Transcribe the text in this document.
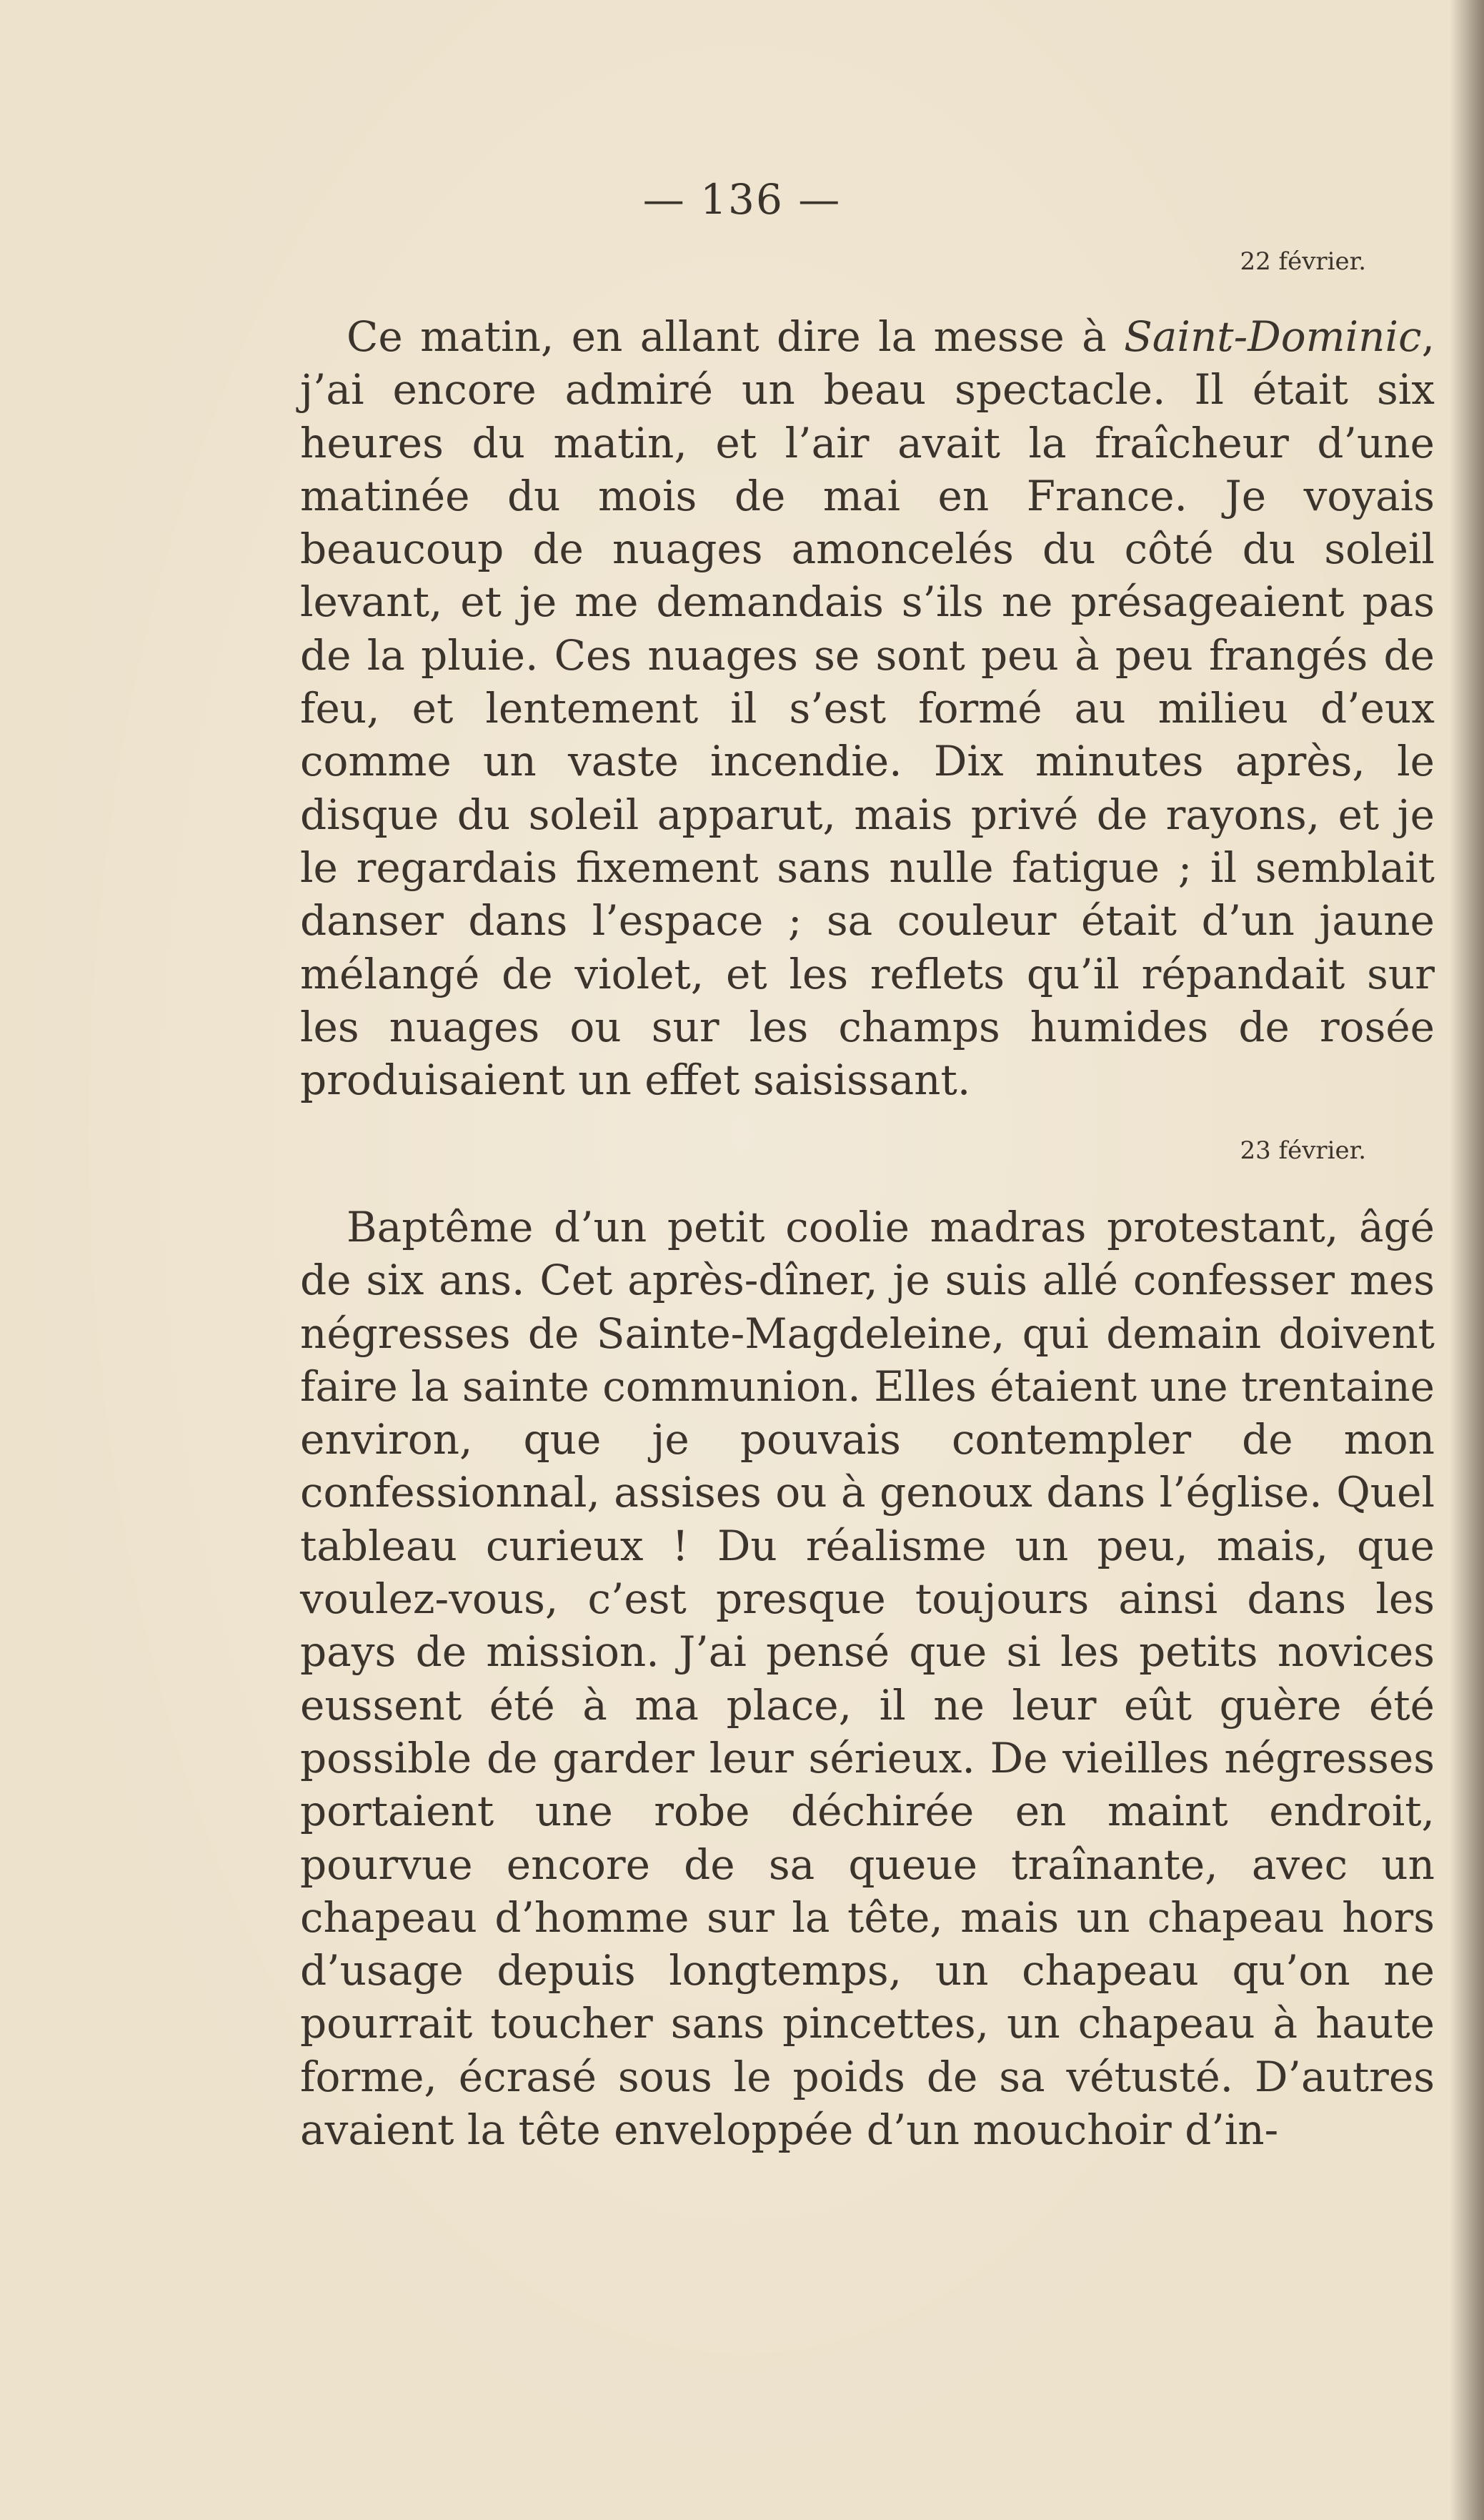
— 136 —
22 février.

Ce matin, en allant dire la messe à Saint-Dominic, j’ai encore admiré un beau spectacle. Il était six heures du matin, et l’air avait la fraîcheur d’une matinée du mois de mai en France. Je voyais beaucoup de nuages amoncelés du côté du soleil levant, et je me demandais s’ils ne présageaient pas de la pluie. Ces nuages se sont peu à peu frangés de feu, et lentement il s’est formé au milieu d’eux comme un vaste incendie. Dix minutes après, le disque du soleil apparut, mais privé de rayons, et je le regardais fixement sans nulle fatigue ; il semblait danser dans l’espace ; sa couleur était d’un jaune mélangé de violet, et les reflets qu’il répandait sur les nuages ou sur les champs humides de rosée produisaient un effet saisissant.

23 février.

Baptême d’un petit coolie madras protestant, âgé de six ans. Cet après-dîner, je suis allé confesser mes négresses de Sainte-Magdeleine, qui demain doivent faire la sainte communion. Elles étaient une trentaine environ, que je pouvais contempler de mon confessionnal, assises ou à genoux dans l’église. Quel tableau curieux ! Du réalisme un peu, mais, que voulez-vous, c’est presque toujours ainsi dans les pays de mission. J’ai pensé que si les petits novices eussent été à ma place, il ne leur eût guère été possible de garder leur sérieux. De vieilles négresses portaient une robe déchirée en maint endroit, pourvue encore de sa queue traînante, avec un chapeau d’homme sur la tête, mais un chapeau hors d’usage depuis longtemps, un chapeau qu’on ne pourrait toucher sans pincettes, un chapeau à haute forme, écrasé sous le poids de sa vétusté. D’autres avaient la tête enveloppée d’un mouchoir d’in-
